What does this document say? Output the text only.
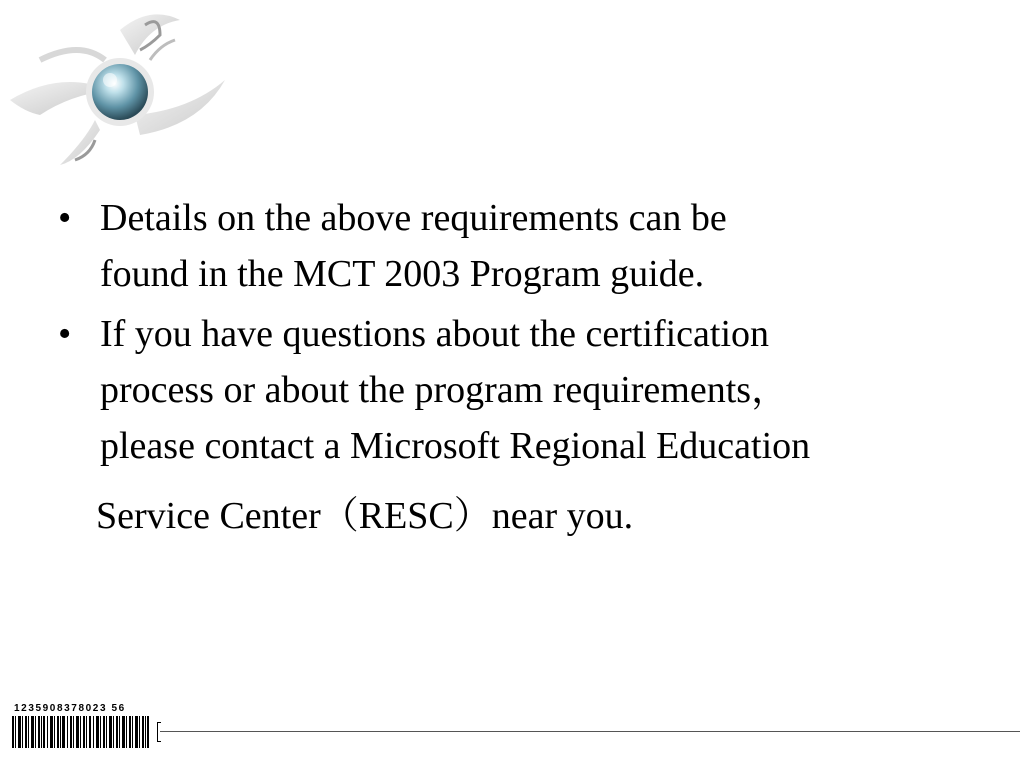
• Details on the above requirements can be
found in the MCT 2003 Program guide.
• If you have questions about the certification
process or about the program requirements，
please contact a Microsoft Regional Education
Service Center（RESC）near you.
1235908378023 56
